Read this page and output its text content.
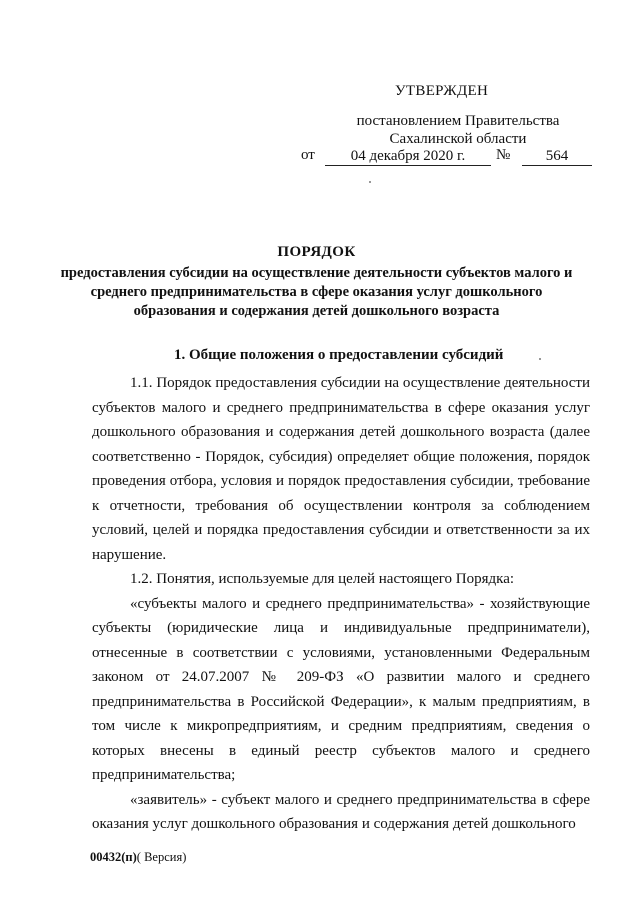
УТВЕРЖДЕН
постановлением Правительства
Сахалинской области
от	04 декабря 2020 г.	№	564
ПОРЯДОК
предоставления субсидии на осуществление деятельности субъектов малого и среднего предпринимательства в сфере оказания услуг дошкольного образования и содержания детей дошкольного возраста
1. Общие положения о предоставлении субсидий

1.1. Порядок предоставления субсидии на осуществление деятельности субъектов малого и среднего предпринимательства в сфере оказания услуг дошкольного образования и содержания детей дошкольного возраста (далее соответственно - Порядок, субсидия) определяет общие положения, порядок проведения отбора, условия и порядок предоставления субсидии, требование к отчетности, требования об осуществлении контроля за соблюдением условий, целей и порядка предоставления субсидии и ответственности за их нарушение.

1.2. Понятия, используемые для целей настоящего Порядка:

«субъекты малого и среднего предпринимательства» - хозяйствующие субъекты (юридические лица и индивидуальные предприниматели), отнесенные в соответствии с условиями, установленными Федеральным законом от 24.07.2007 № 209-ФЗ «О развитии малого и среднего предпринимательства в Российской Федерации», к малым предприятиям, в том числе к микропредприятиям, и средним предприятиям, сведения о которых внесены в единый реестр субъектов малого и среднего предпринимательства;

«заявитель» - субъект малого и среднего предпринимательства в сфере оказания услуг дошкольного образования и содержания детей дошкольного

00432(п)( Версия)
